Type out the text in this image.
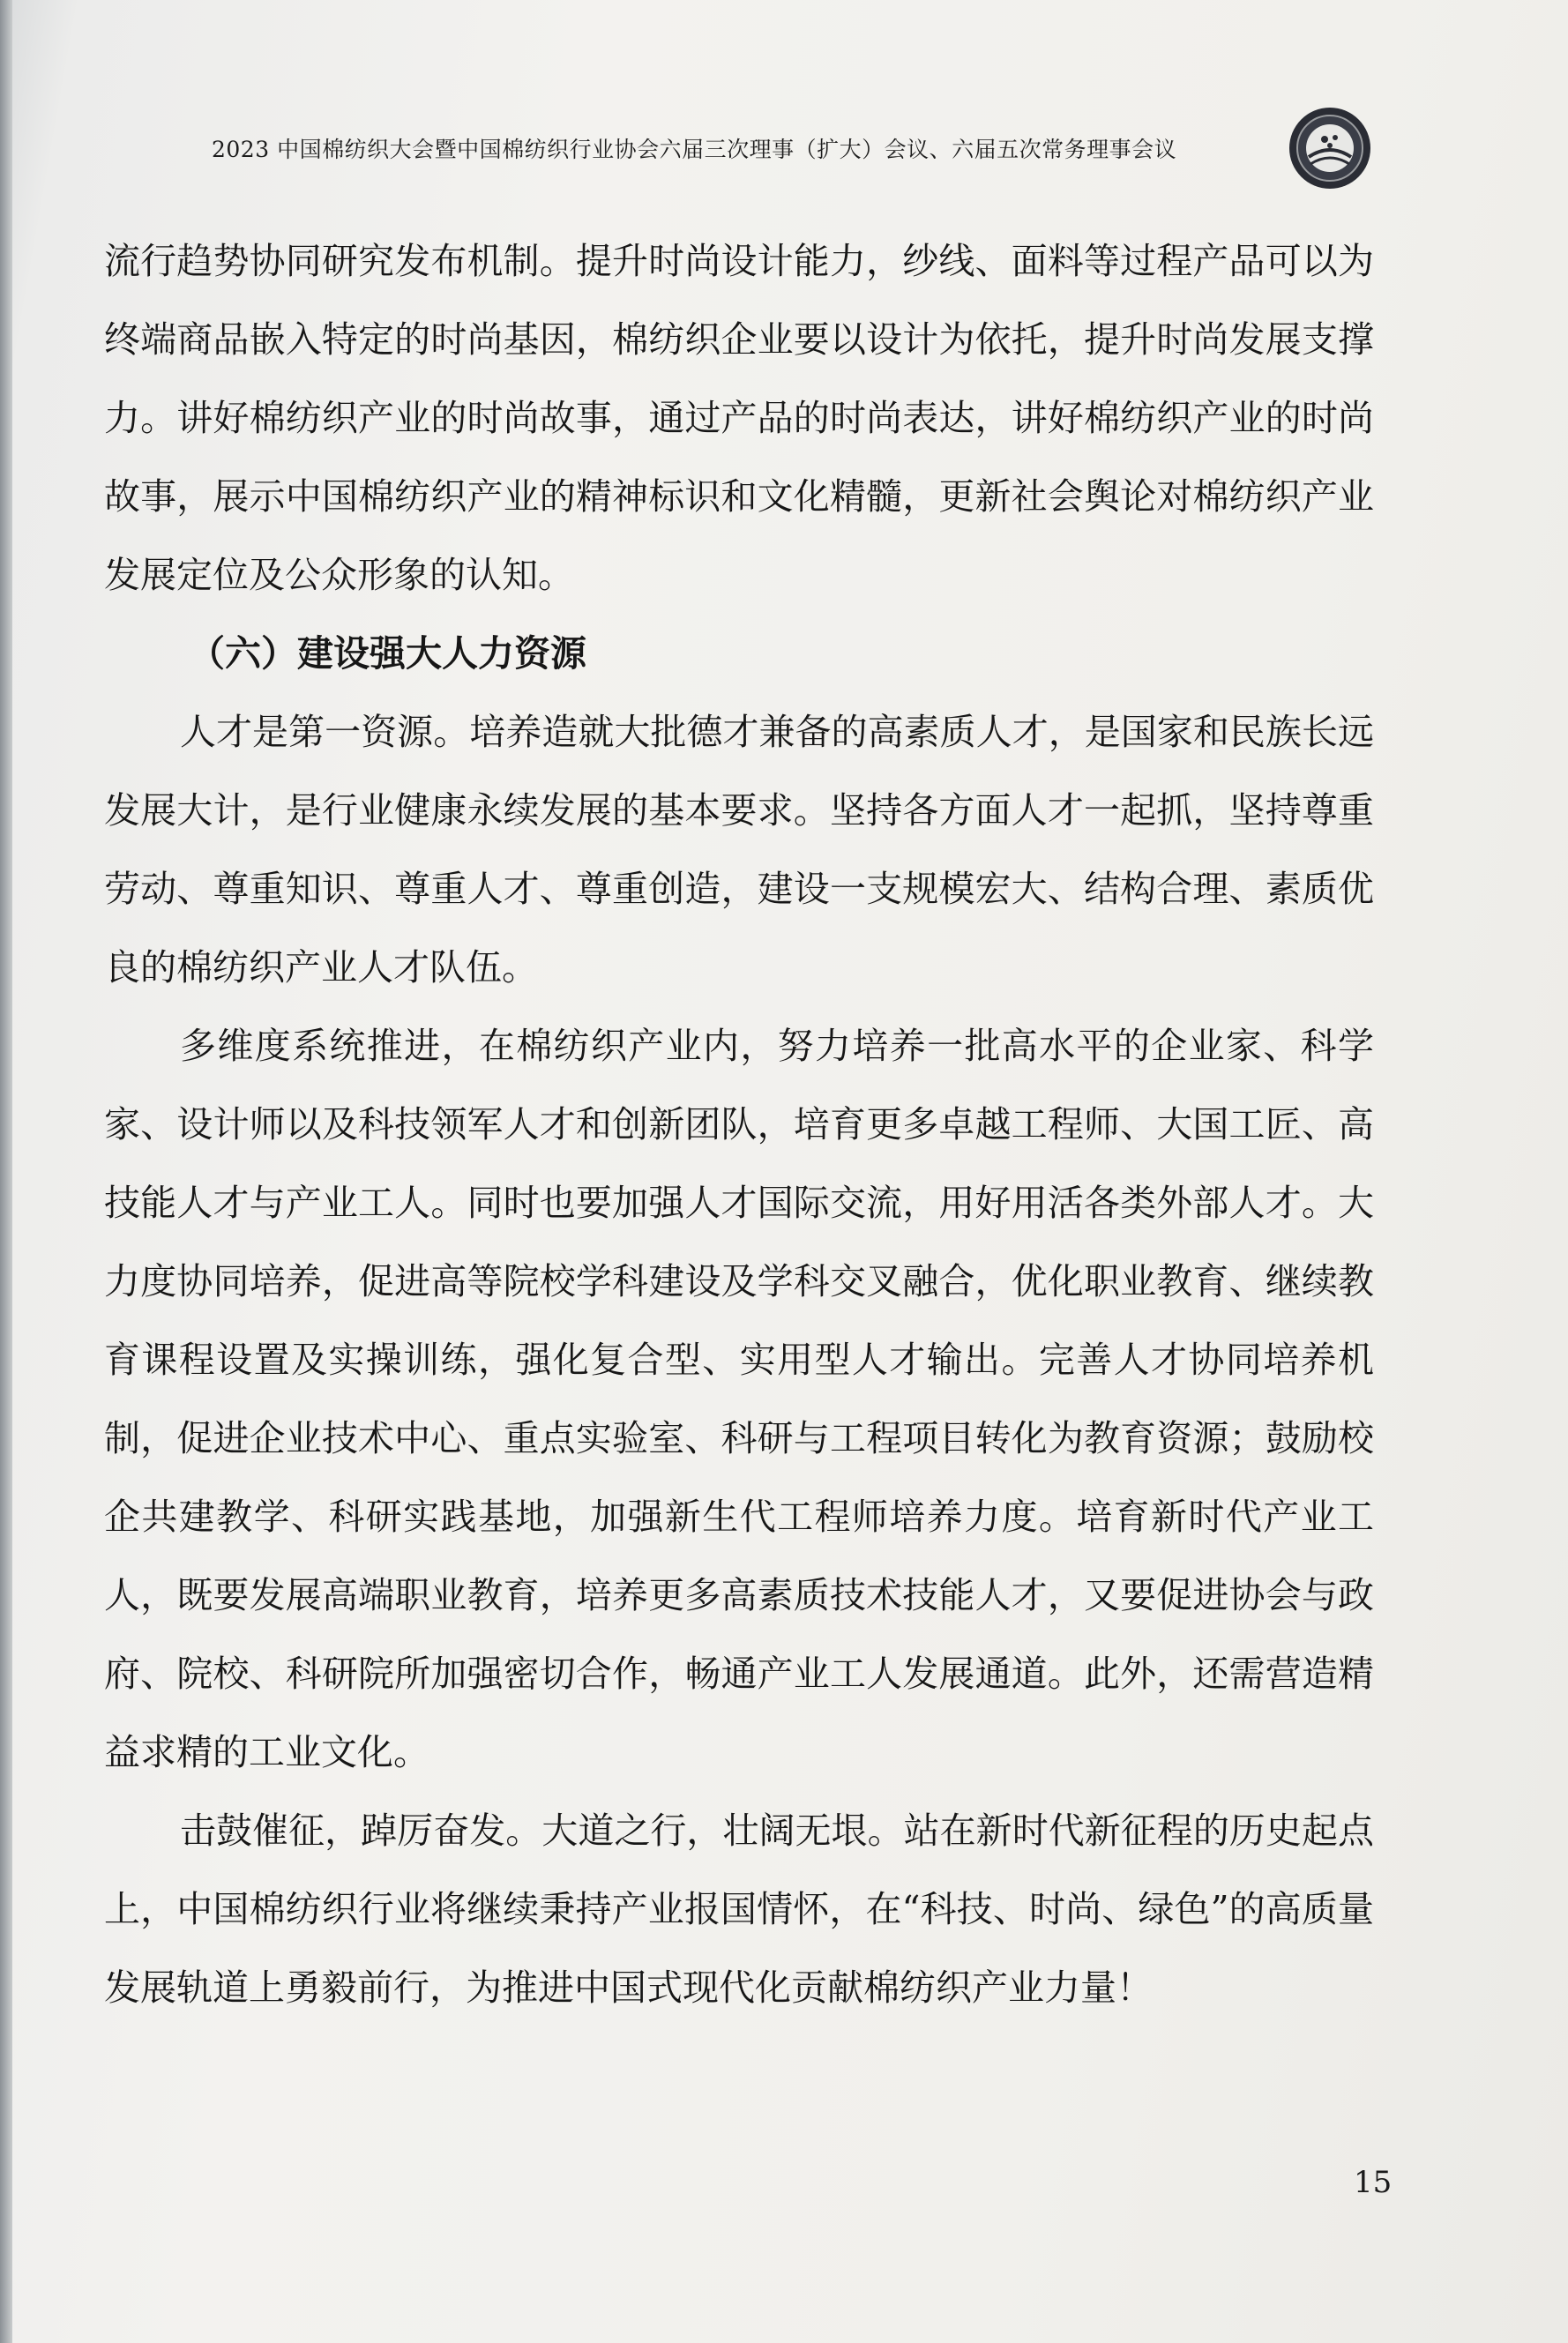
2023 中国棉纺织大会暨中国棉纺织行业协会六届三次理事（扩大）会议、六届五次常务理事会议

流行趋势协同研究发布机制。提升时尚设计能力，纱线、面料等过程产品可以为终端商品嵌入特定的时尚基因，棉纺织企业要以设计为依托，提升时尚发展支撑力。讲好棉纺织产业的时尚故事，通过产品的时尚表达，讲好棉纺织产业的时尚故事，展示中国棉纺织产业的精神标识和文化精髓，更新社会舆论对棉纺织产业发展定位及公众形象的认知。

（六）建设强大人力资源

人才是第一资源。培养造就大批德才兼备的高素质人才，是国家和民族长远发展大计，是行业健康永续发展的基本要求。坚持各方面人才一起抓，坚持尊重劳动、尊重知识、尊重人才、尊重创造，建设一支规模宏大、结构合理、素质优良的棉纺织产业人才队伍。

多维度系统推进，在棉纺织产业内，努力培养一批高水平的企业家、科学家、设计师以及科技领军人才和创新团队，培育更多卓越工程师、大国工匠、高技能人才与产业工人。同时也要加强人才国际交流，用好用活各类外部人才。大力度协同培养，促进高等院校学科建设及学科交叉融合，优化职业教育、继续教育课程设置及实操训练，强化复合型、实用型人才输出。完善人才协同培养机制，促进企业技术中心、重点实验室、科研与工程项目转化为教育资源；鼓励校企共建教学、科研实践基地，加强新生代工程师培养力度。培育新时代产业工人，既要发展高端职业教育，培养更多高素质技术技能人才，又要促进协会与政府、院校、科研院所加强密切合作，畅通产业工人发展通道。此外，还需营造精益求精的工业文化。

击鼓催征，踔厉奋发。大道之行，壮阔无垠。站在新时代新征程的历史起点上，中国棉纺织行业将继续秉持产业报国情怀，在“科技、时尚、绿色”的高质量发展轨道上勇毅前行，为推进中国式现代化贡献棉纺织产业力量！

15
